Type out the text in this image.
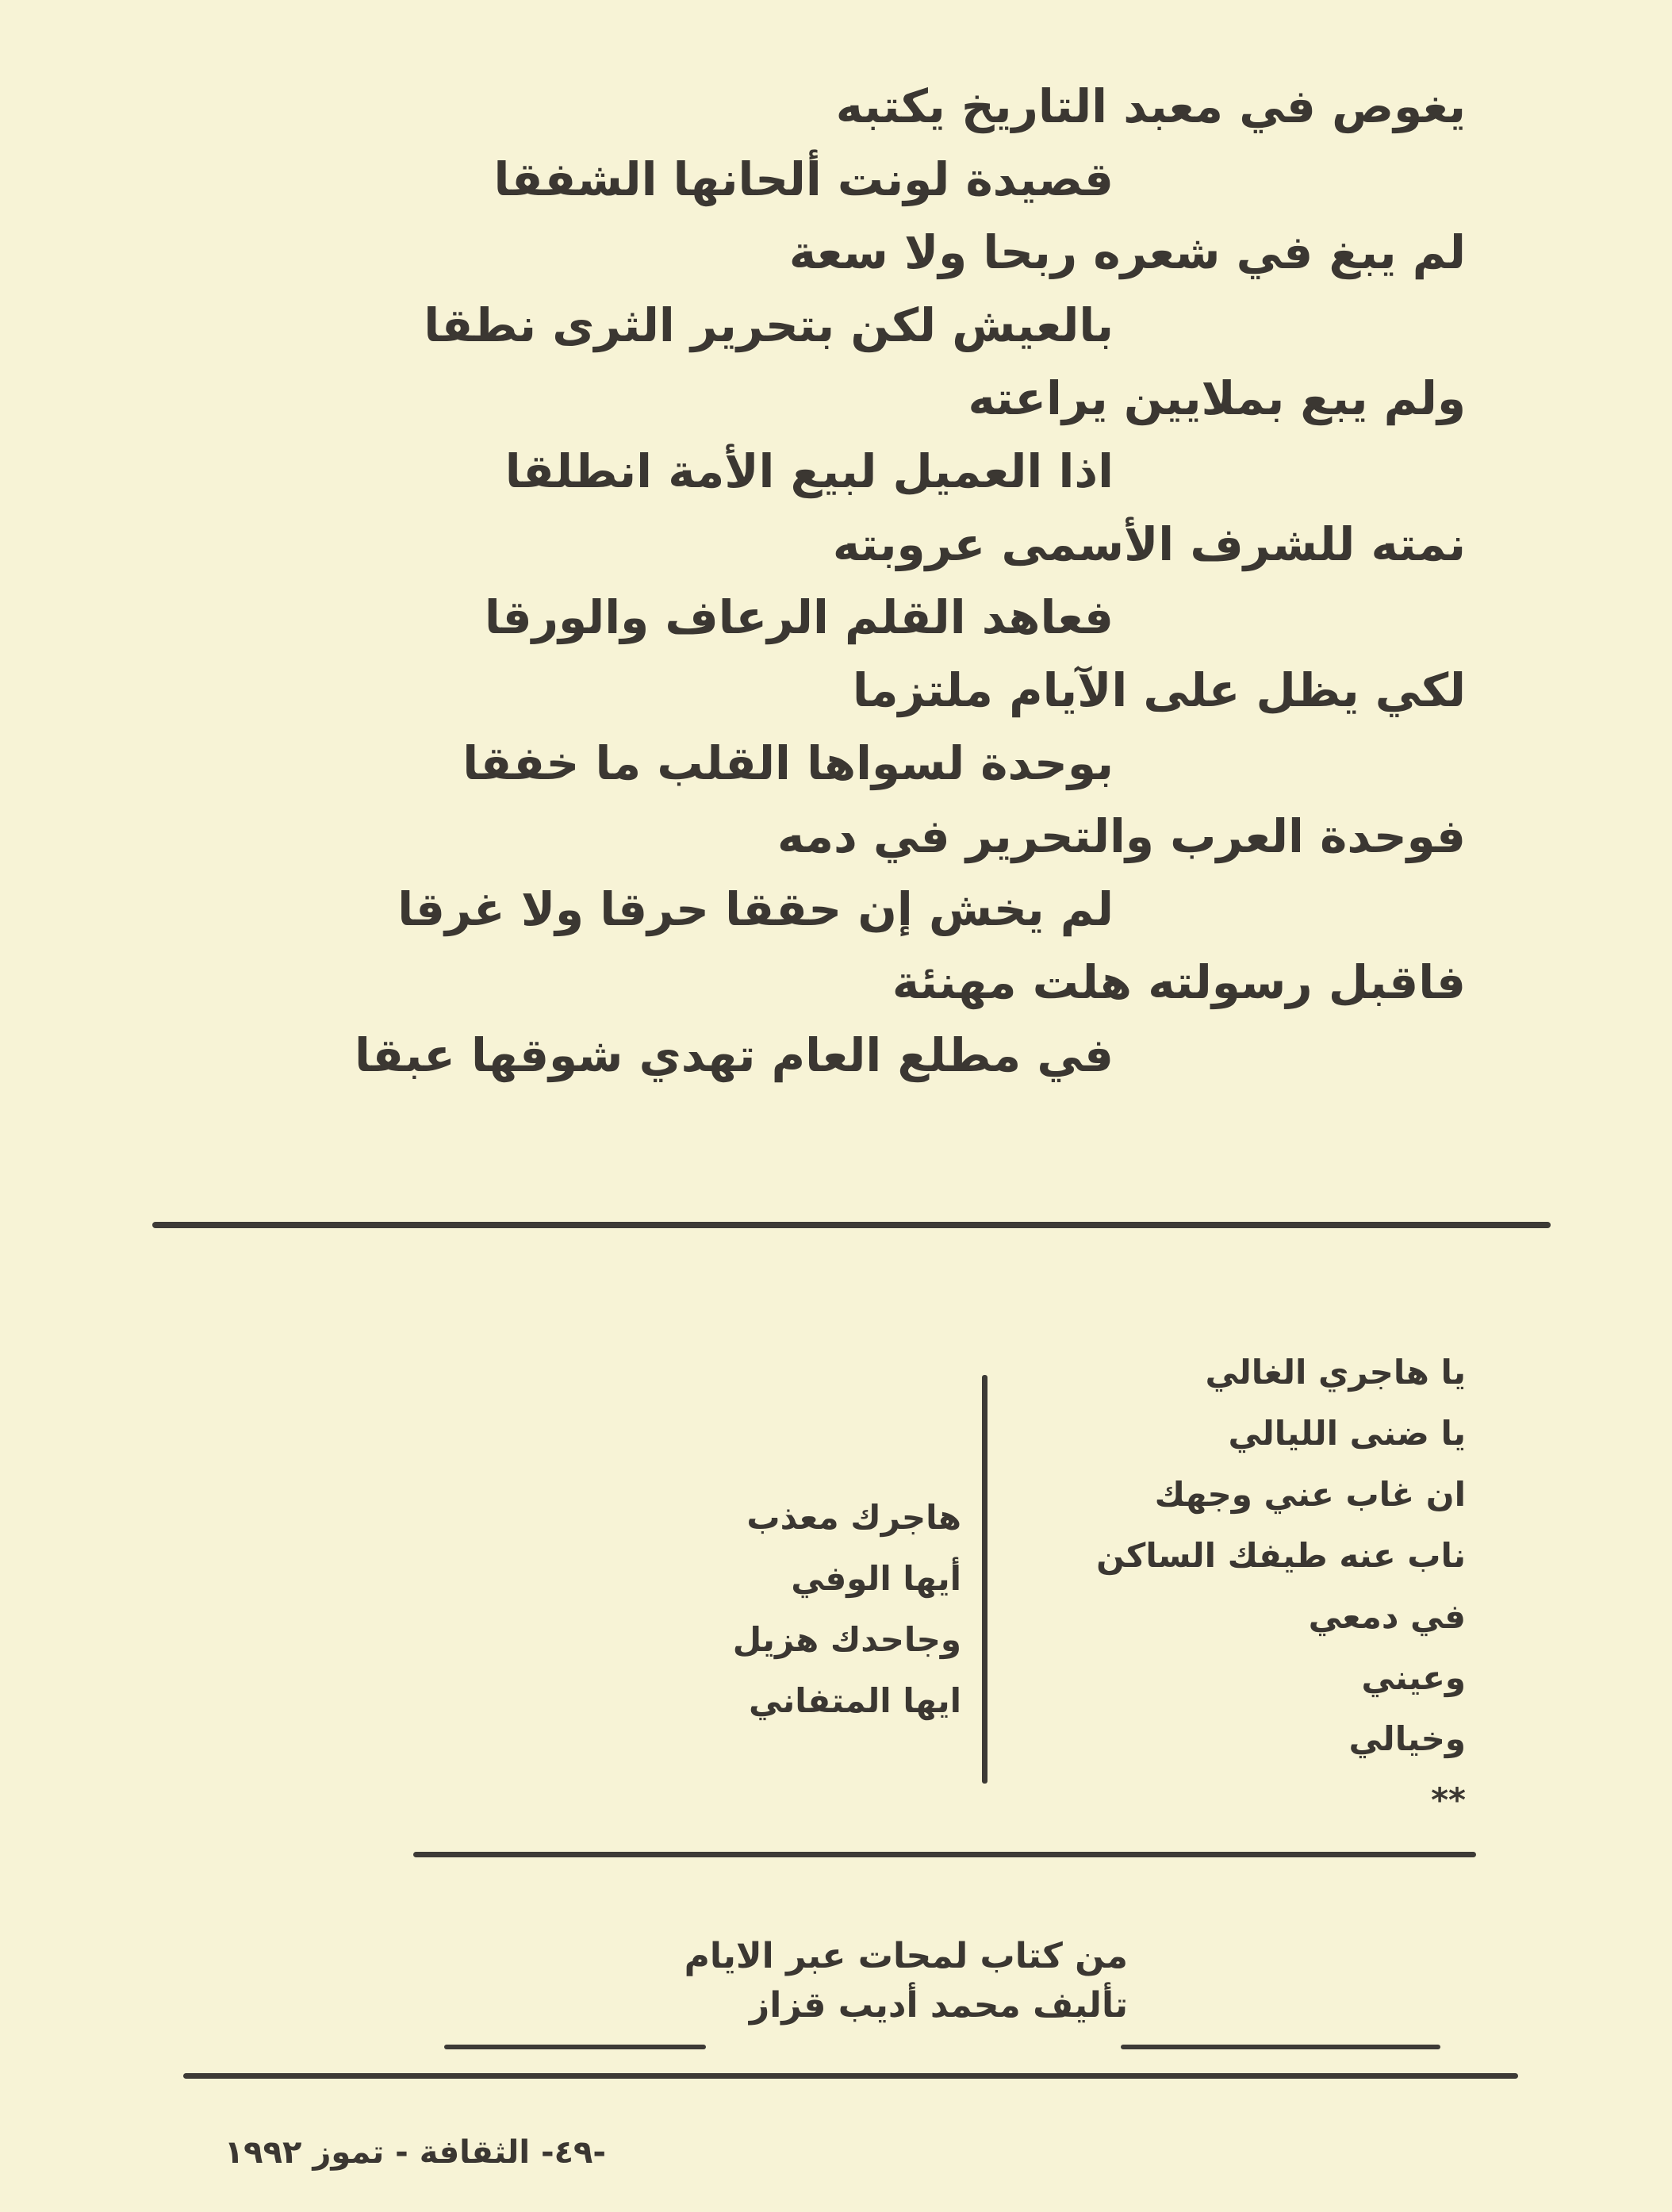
يغوص في معبد التاريخ يكتبه
قصيدة لونت ألحانها الشفقا
لم يبغ في شعره ربحا ولا سعة
بالعيش لكن بتحرير الثرى نطقا
ولم يبع بملايين يراعته
اذا العميل لبيع الأمة انطلقا
نمته للشرف الأسمى عروبته
فعاهد القلم الرعاف والورقا
لكي يظل على الآيام ملتزما
بوحدة لسواها القلب ما خفقا
فوحدة العرب والتحرير في دمه
لم يخش إن حققا حرقا ولا غرقا
فاقبل رسولته هلت مهنئة
في مطلع العام تهدي شوقها عبقا
يا هاجري الغالي
يا ضنى الليالي
ان غاب عني وجهك
ناب عنه طيفك الساكن
في دمعي
وعيني
وخيالي
**
هاجرك معذب
أيها الوفي
وجاحدك هزيل
ايها المتفاني
من كتاب لمحات عبر الايام
تأليف محمد أديب قزاز
-٤٩- الثقافة - تموز ١٩٩٢
